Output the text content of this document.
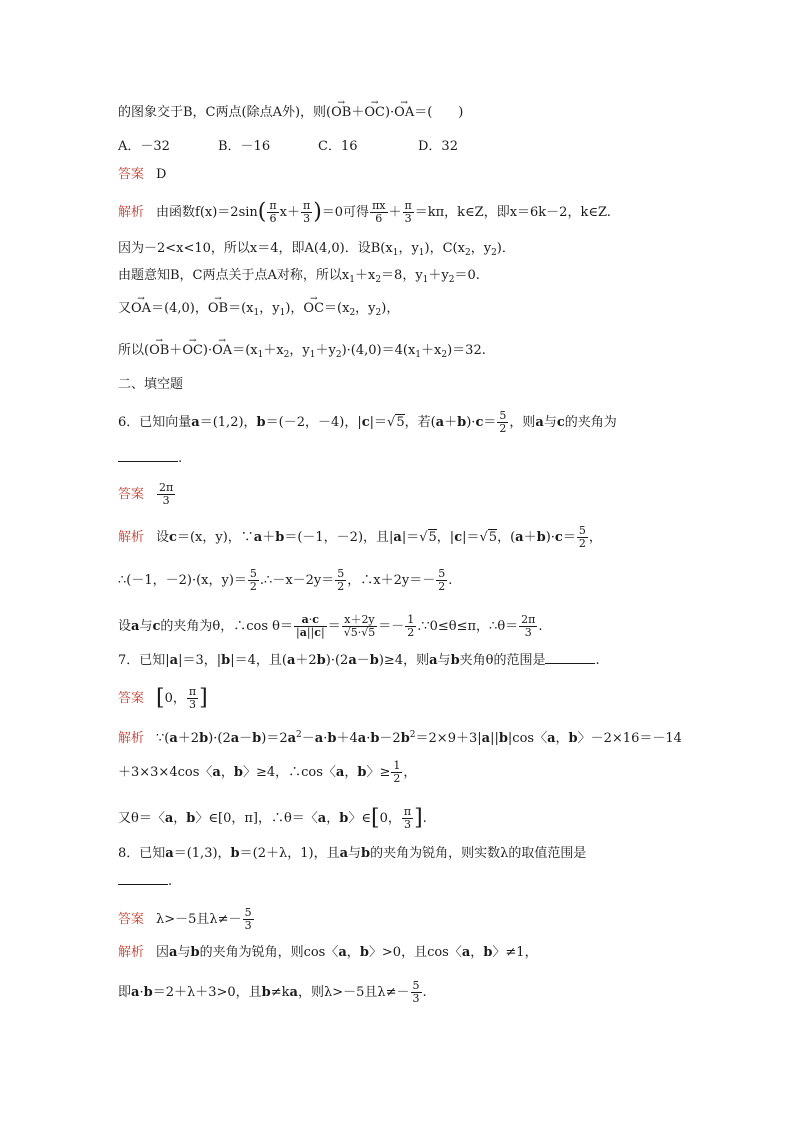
的图象交于B，C两点(除点A外)，则(→ OB＋→ OC)·→ OA＝(　　)
A．－32	B．－16	C．16	D．32
答案 D
解析 由函数$f(x)=2\sin( \frac{\pi}{6} x+ \frac{\pi}{3} )=0$可得 $\frac{\pi x}{6} + \frac{\pi}{3} =k\pi$，k∈Z，即x＝6k－2，k∈Z.
因为－2<x<10，所以x＝4，即A(4,0)．设$B(x_1$，$y_1$)，$C(x_2$，$y_2$)．
由题意知B，C两点关于点A对称，所以$x_1+x_2=8$，$y_1+y_2=0$.
又→ OA＝(4,0)，→ $OB=(x_1$，$y_1$)，→ $OC=(x_2$，$y_2$)，
所以(→ $OB+\to OC)\cdot\to OA=(x_1+x_2$，$y_1+y_2)\cdot(4,0)=4(x_1+x_2)=32$.
二、填空题
6．已知向量a＝(1,2)，b＝(－2，－4)，|c|＝√5，若$(a+b)\cdot c= \frac{5}{2}$ ，则a与c的夹角为
.
答案 $\frac{2\pi}{3}$
解析 设c＝(x，y)，∵a＋b＝(－1，－2)，且|a|＝√5，|c|＝√5，$(a+b)\cdot c= \frac{5}{2}$ ，
∴(－1，－2)·(x，$y)= \frac{5}{2}$ .∴－x－2y＝ $\frac{5}{2}$ ，∴x＋2y＝－ $\frac{5}{2}$ .
设a与c的夹角为θ，∴cos $\theta= \frac{a\cdot c}{|a||c|} = \frac{x+2y}{√5\cdot√5} =- \frac{1}{2}$ .∵0≤θ≤π，∴θ＝ $\frac{2\pi}{3}$ .
7．已知|a|＝3，|b|＝4，且(a＋2b)·(2a－b)≥4，则a与b夹角θ的范围是	.
答案 [0， $\frac{\pi}{3}$ ]
解析 $\because(a+2b)\cdot(2a-b)=2a^2-a\cdot b+4a\cdot b-2b^2=2\times 9+3|a||b|\cos$〈a，b〉－2×16＝－14
＋3×3×4cos〈a，b〉≥4，∴cos〈a，b〉≥ $\frac{1}{2}$ ，
又θ＝〈a，b〉∈[0，π]，∴θ＝〈a，b〉∈[0， $\frac{\pi}{3}$ ].
8．已知a＝(1,3)，b＝(2＋λ，1)，且a与b的夹角为锐角，则实数λ的取值范围是
.
答案 λ>－5且$\lambda\ne- \frac{5}{3}$
解析 因a与b的夹角为锐角，则cos〈a，b〉>0，且cos〈a，b〉≠1，
即a·b＝2＋λ＋3>0，且b≠ka，则λ>－5且$\lambda\ne- \frac{5}{3}$ .
